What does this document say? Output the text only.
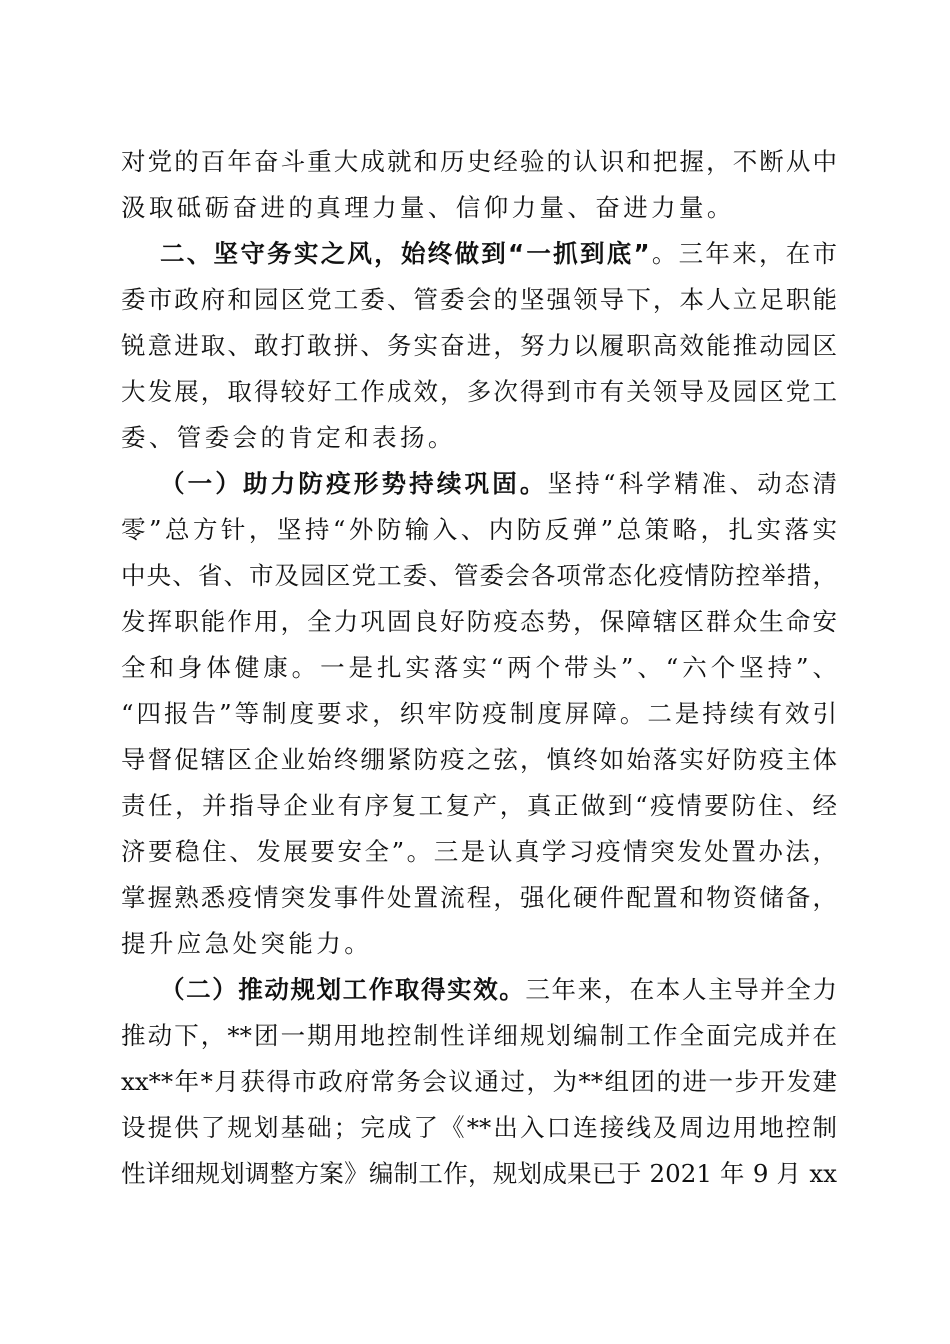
对党的百年奋斗重大成就和历史经验的认识和把握，不断从中
汲取砥砺奋进的真理力量、信仰力量、奋进力量。
二、坚守务实之风，始终做到“一抓到底”。三年来，在市
委市政府和园区党工委、管委会的坚强领导下，本人立足职能
锐意进取、敢打敢拼、务实奋进，努力以履职高效能推动园区
大发展，取得较好工作成效，多次得到市有关领导及园区党工
委、管委会的肯定和表扬。
（一）助力防疫形势持续巩固。坚持“科学精准、动态清
零”总方针，坚持“外防输入、内防反弹”总策略，扎实落实
中央、省、市及园区党工委、管委会各项常态化疫情防控举措，
发挥职能作用，全力巩固良好防疫态势，保障辖区群众生命安
全和身体健康。一是扎实落实“两个带头”、“六个坚持”、
“四报告”等制度要求，织牢防疫制度屏障。二是持续有效引
导督促辖区企业始终绷紧防疫之弦，慎终如始落实好防疫主体
责任，并指导企业有序复工复产，真正做到“疫情要防住、经
济要稳住、发展要安全”。三是认真学习疫情突发处置办法，
掌握熟悉疫情突发事件处置流程，强化硬件配置和物资储备，
提升应急处突能力。
（二）推动规划工作取得实效。三年来，在本人主导并全力
推动下，**团一期用地控制性详细规划编制工作全面完成并在
xx**年*月获得市政府常务会议通过，为**组团的进一步开发建
设提供了规划基础；完成了《**出入口连接线及周边用地控制
性详细规划调整方案》编制工作，规划成果已于 2021 年 9 月 xx
